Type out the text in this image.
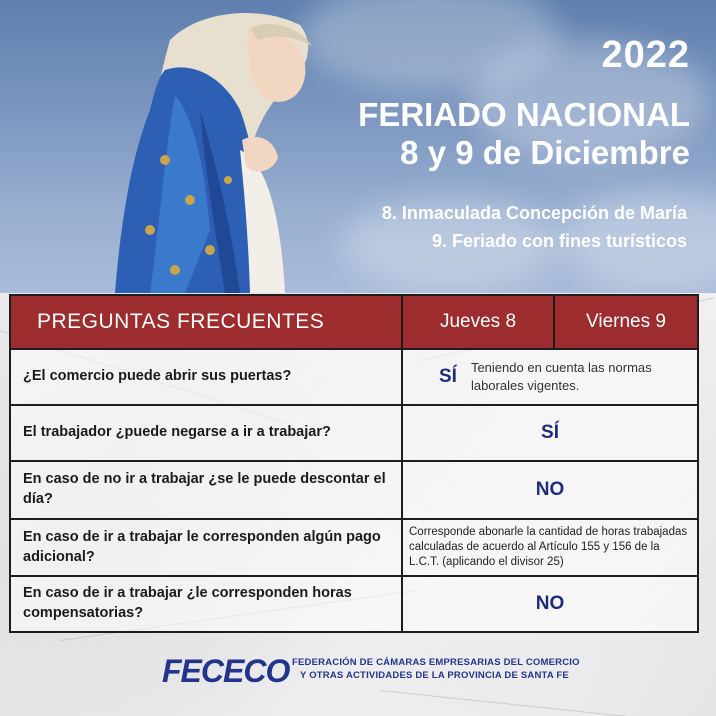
2022
FERIADO NACIONAL
8 y 9 de Diciembre
8. Inmaculada Concepción de María
9. Feriado con fines turísticos
PREGUNTAS FRECUENTES	Jueves 8	Viernes 9
¿El comercio puede abrir sus puertas?	SÍ Teniendo en cuenta las normas laborales vigentes.	
El trabajador ¿puede negarse a ir a trabajar?	SÍ	
En caso de no ir a trabajar ¿se le puede descontar el día?	NO	
En caso de ir a trabajar le corresponden algún pago adicional?	Corresponde abonarle la cantidad de horas trabajadas calculadas de acuerdo al Artículo 155 y 156 de la L.C.T. (aplicando el divisor 25)	
En caso de ir a trabajar ¿le corresponden horas compensatorias?	NO	
FECECO FEDERACIÓN DE CÁMARAS EMPRESARIAS DEL COMERCIO
Y OTRAS ACTIVIDADES DE LA PROVINCIA DE SANTA FE
